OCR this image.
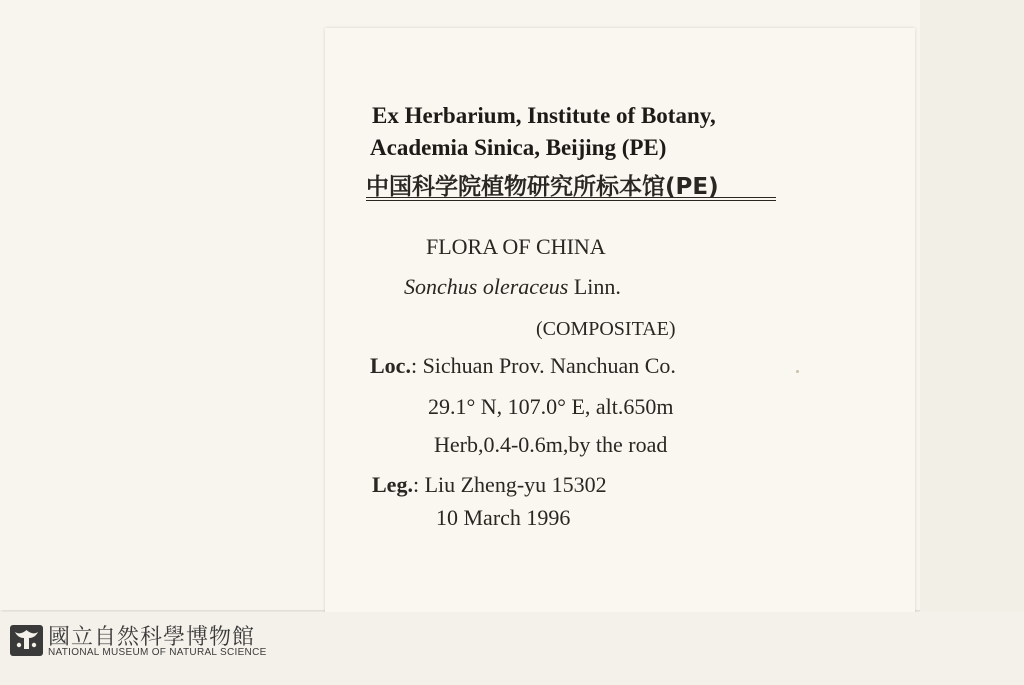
Ex Herbarium, Institute of Botany,
Academia Sinica, Beijing (PE)
中国科学院植物研究所标本馆(PE)
FLORA OF CHINA
Sonchus oleraceus Linn.
(COMPOSITAE)
Loc.: Sichuan Prov. Nanchuan Co.
29.1° N, 107.0° E, alt.650m
Herb,0.4-0.6m,by the road
Leg.: Liu Zheng-yu 15302
10 March 1996
國立自然科學博物館
NATIONAL MUSEUM OF NATURAL SCIENCE
